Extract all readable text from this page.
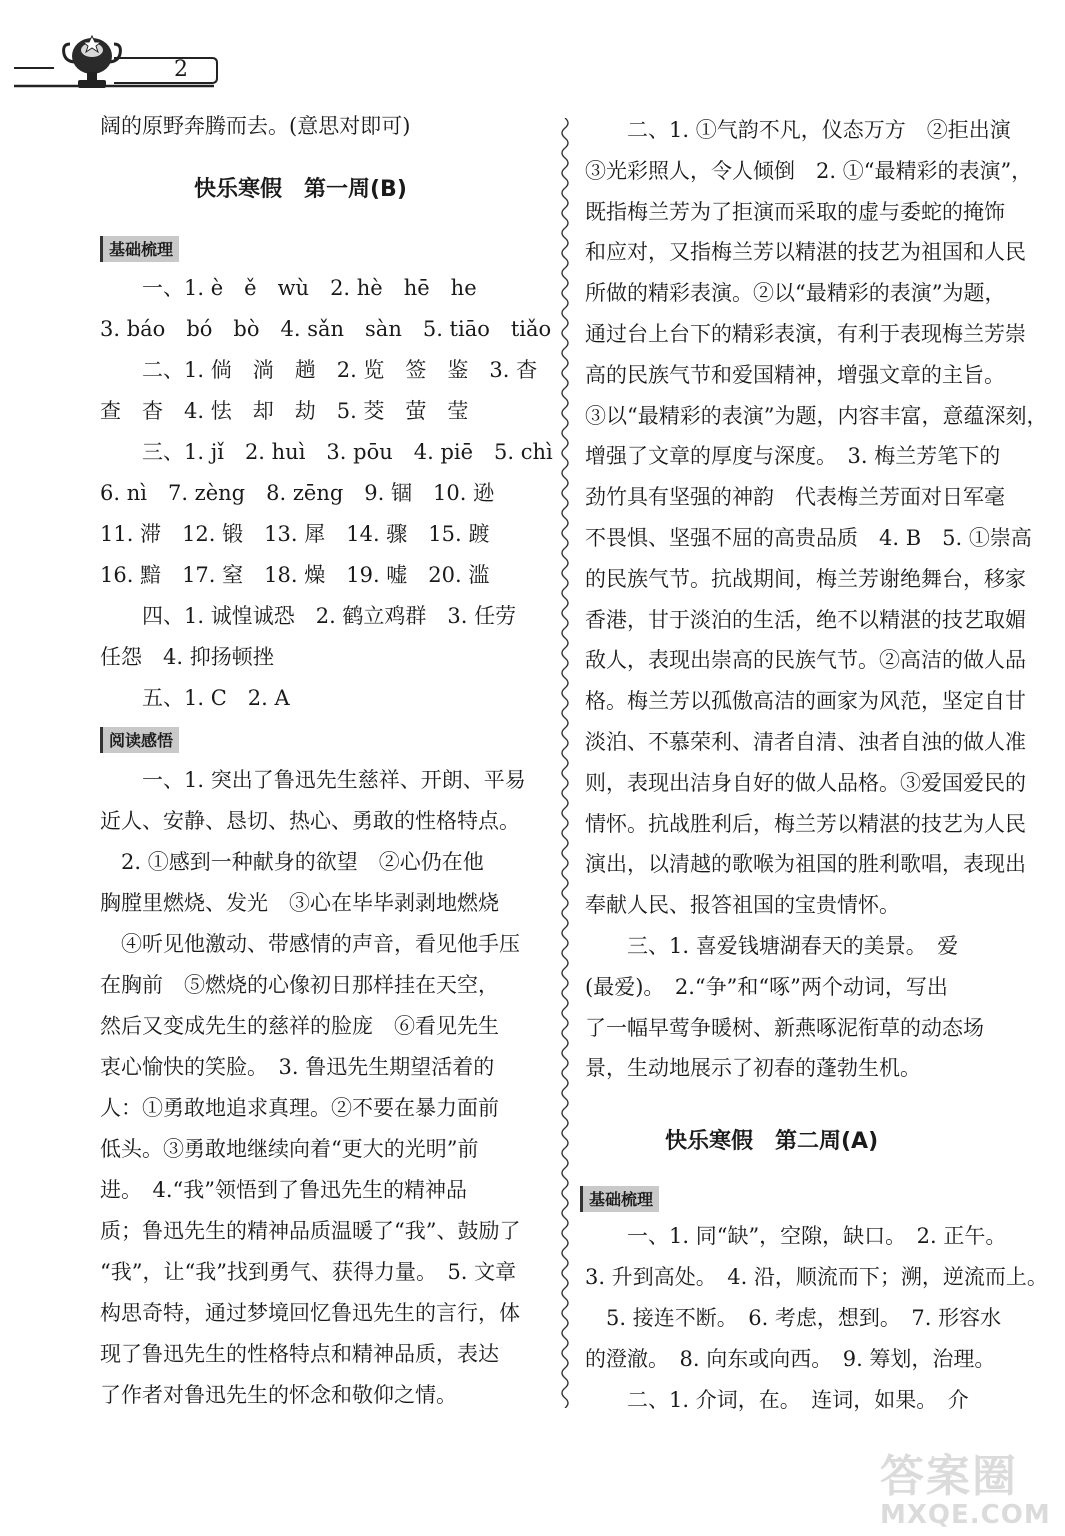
2
阔的原野奔腾而去。(意思对即可)
快乐寒假　第一周(B)
基础梳理
　　一、1. è　ě　wù　2. hè　hē　he
3. báo　bó　bò　4. sǎn　sàn　5. tiāo　tiǎo
　　二、1. 倘　淌　趟　2. 览　签　鉴　3. 杳
查　杳　4. 怯　却　劫　5. 茭　萤　莹
　　三、1. jǐ　2. huì　3. pōu　4. piē　5. chì
6. nì　7. zèng　8. zēng　9. 锢　10. 逊
11. 滞　12. 锻　13. 犀　14. 骤　15. 踱
16. 黯　17. 窒　18. 燥　19. 嘘　20. 滥
　　四、1. 诚惶诚恐　2. 鹤立鸡群　3. 任劳
任怨　4. 抑扬顿挫
　　五、1. C　2. A
阅读感悟
　　一、1. 突出了鲁迅先生慈祥、开朗、平易
近人、安静、恳切、热心、勇敢的性格特点。
　2. ①感到一种献身的欲望　②心仍在他
胸膛里燃烧、发光　③心在毕毕剥剥地燃烧
　④听见他激动、带感情的声音，看见他手压
在胸前　⑤燃烧的心像初日那样挂在天空，
然后又变成先生的慈祥的脸庞　⑥看见先生
衷心愉快的笑脸。　3. 鲁迅先生期望活着的
人：①勇敢地追求真理。②不要在暴力面前
低头。③勇敢地继续向着“更大的光明”前
进。　4.“我”领悟到了鲁迅先生的精神品
质；鲁迅先生的精神品质温暖了“我”、鼓励了
“我”，让“我”找到勇气、获得力量。　5. 文章
构思奇特，通过梦境回忆鲁迅先生的言行，体
现了鲁迅先生的性格特点和精神品质，表达
了作者对鲁迅先生的怀念和敬仰之情。
　　二、1. ①气韵不凡，仪态万方　②拒出演
③光彩照人，令人倾倒　2. ①“最精彩的表演”，
既指梅兰芳为了拒演而采取的虚与委蛇的掩饰
和应对，又指梅兰芳以精湛的技艺为祖国和人民
所做的精彩表演。②以“最精彩的表演”为题，
通过台上台下的精彩表演，有利于表现梅兰芳崇
高的民族气节和爱国精神，增强文章的主旨。
③以“最精彩的表演”为题，内容丰富，意蕴深刻，
增强了文章的厚度与深度。　3. 梅兰芳笔下的
劲竹具有坚强的神韵　代表梅兰芳面对日军毫
不畏惧、坚强不屈的高贵品质　4. B　5. ①崇高
的民族气节。抗战期间，梅兰芳谢绝舞台，移家
香港，甘于淡泊的生活，绝不以精湛的技艺取媚
敌人，表现出崇高的民族气节。②高洁的做人品
格。梅兰芳以孤傲高洁的画家为风范，坚定自甘
淡泊、不慕荣利、清者自清、浊者自浊的做人准
则，表现出洁身自好的做人品格。③爱国爱民的
情怀。抗战胜利后，梅兰芳以精湛的技艺为人民
演出，以清越的歌喉为祖国的胜利歌唱，表现出
奉献人民、报答祖国的宝贵情怀。
　　三、1. 喜爱钱塘湖春天的美景。　爱
(最爱)。　2.“争”和“啄”两个动词，写出
了一幅早莺争暖树、新燕啄泥衔草的动态场
景，生动地展示了初春的蓬勃生机。
快乐寒假　第二周(A)
基础梳理
　　一、1. 同“缺”，空隙，缺口。　2. 正午。
3. 升到高处。　4. 沿，顺流而下；溯，逆流而上。
　5. 接连不断。　6. 考虑，想到。　7. 形容水
的澄澈。　8. 向东或向西。　9. 筹划，治理。
　　二、1. 介词，在。　连词，如果。　介
答案圈
MXQE.COM
